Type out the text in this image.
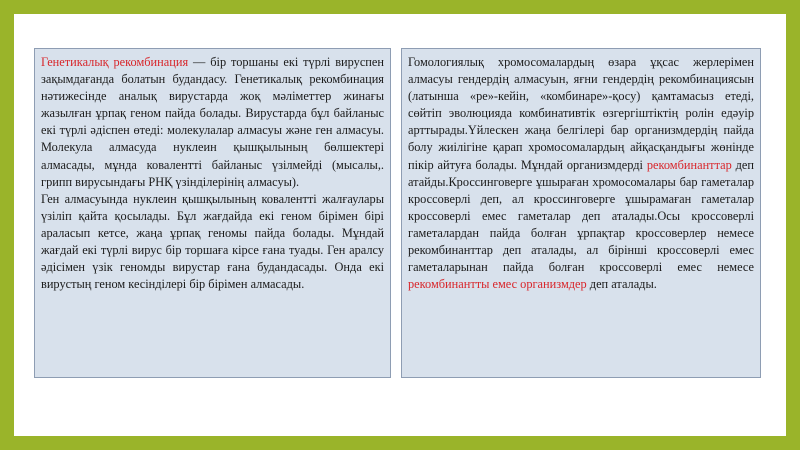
Генетикалық рекомбинация — бір торшаны екі түрлі вируспен зақымдағанда болатын будандасу. Генетикалық рекомбинация нәтижесінде аналық вирустарда жоқ мәліметтер жинағы жазылған ұрпақ геном пайда болады. Вирустарда бұл байланыс екі түрлі әдіспен өтеді: молекулалар алмасуы және ген алмасуы. Молекула алмасуда нуклеин қышқылының бөлшектері алмасады, мұнда коваленттi байланыс үзілмейді (мысалы,. грипп вирусындағы РНҚ үзінділерінің алмасуы).

Ген алмасуында нуклеин қышқылының коваленттi жалғаулары үзіліп қайта қосылады. Бұл жағдайда екі геном бірімен бірі араласып кетсе, жаңа ұрпақ геномы пайда болады. Мұндай жағдай екі түрлі вирус бір торшаға кірсе ғана туады. Ген аралсу әдісімен үзік геномды вирустар ғана будандасады. Онда екі вирустың геном кесінділері бір бірімен алмасады.

Гомологиялық хромосомалардың өзара ұқсас жерлерімен алмасуы гендердің алмасуын, яғни гендердің рекомбинациясын (латынша «ре»-кейін, «комбинаре»-қосу) қамтамасыз етеді, сөйтіп эволюцияда комбинативтік өзгергіштіктің ролін едәуір арттырады.Үйлескен жаңа белгілері бар организмдердің пайда болу жиілігіне қарап хромосомалардың айқасқандығы жөнінде пікір айтуға болады. Мұндай организмдерді рекомбинанттар деп атайды.Кроссинговерге ұшыраған хромосомалары бар гаметалар кроссоверлі деп, ал кроссинговерге ұшырамаған гаметалар кроссоверлі емес гаметалар деп аталады.Осы кроссоверлі гаметалардан пайда болған ұрпақтар кроссоверлер немесе рекомбинанттар деп аталады, ал бірінші кроссоверлі емес гаметаларынан пайда болған кроссоверлі емес немесе рекомбинантты емес организмдер деп аталады.
